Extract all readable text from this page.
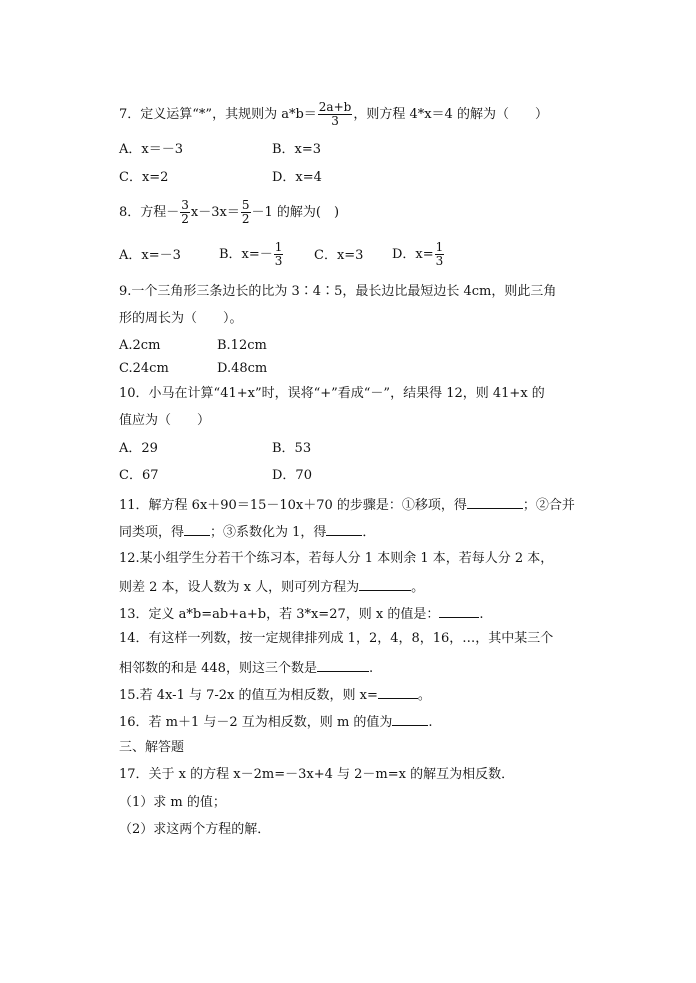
7．定义运算“*”，其规则为 $a*b= \frac{2a+b}{3}$ ，则方程 4*x＝4 的解为（　　）
A．x＝－3	B．x=3
C．x=2	D．x=4
8．方程－ $\frac{3}{2} x-3x= \frac{5}{2} -1$ 的解为(　)
A．x=－3	B．$x=- \frac{1}{3}$ C．x=3 D．$x= \frac{1}{3}$
9.一个三角形三条边长的比为 3∶4∶5，最长边比最短边长 4cm，则此三角
形的周长为（　　）。
A.2cm	B.12cm
C.24cm	D.48cm
10．小马在计算“41+x”时，误将“+”看成“－”，结果得 12，则 41+x 的
值应为（　　）
A．29	B．53
C．67	D．70
11．解方程 6x＋90＝15－10x＋70 的步骤是：①移项，得	；②合并
同类项，得 ；③系数化为 1，得	．
12.某小组学生分若干个练习本，若每人分 1 本则余 1 本，若每人分 2 本，
则差 2 本，设人数为 x 人，则可列方程为	。
13．定义 a*b=ab+a+b，若 3*x=27，则 x 的值是：	.
14．有这样一列数，按一定规律排列成 1，2，4，8，16，…，其中某三个
相邻数的和是 448，则这三个数是	.
15.若 4x-1 与 7-2x 的值互为相反数，则 x=	。
16．若 m＋1 与－2 互为相反数，则 m 的值为	.
三、解答题
17．关于 x 的方程 x－2m=－3x+4 与 2－m=x 的解互为相反数．
（1）求 m 的值；
（2）求这两个方程的解．
